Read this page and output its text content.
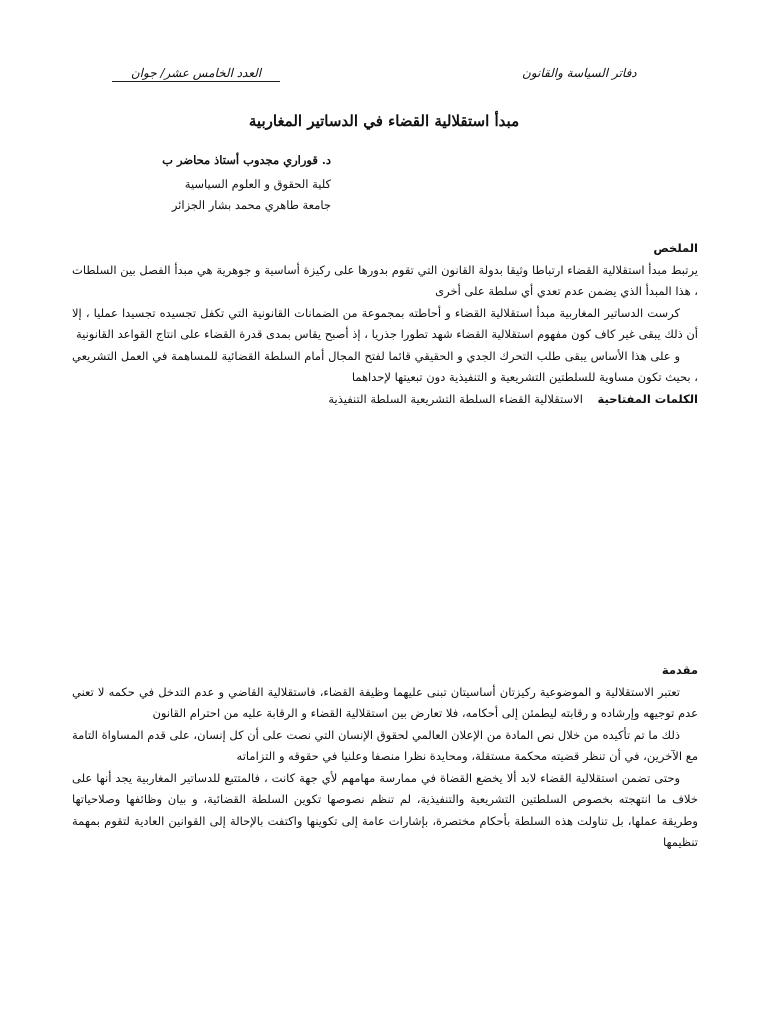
العدد الخامس عشر/ جوان	دفاتر السياسة والقانون
مبدأ استقلالية القضاء في الدساتير المغاربية
د. قوراري مجدوب أستاذ محاضر ب
كلية الحقوق و العلوم السياسية
جامعة طاهري محمد بشار الجزائر
الملخص

يرتبط مبدأ استقلالية القضاء ارتباطا وثيقا بدولة القانون التي تقوم بدورها على ركيزة أساسية و جوهرية هي مبدأ الفصل بين السلطات ، هذا المبدأ الذي يضمن عدم تعدي أي سلطة على أخرى

كرست الدساتير المغاربية مبدأ استقلالية القضاء و أحاطته بمجموعة من الضمانات القانونية التي تكفل تجسيده تجسيدا عمليا ، إلا أن ذلك يبقى غير كاف كون مفهوم استقلالية القضاء شهد تطورا جذريا ، إذ أصبح يقاس بمدى قدرة القضاء على انتاج القواعد القانونية

و على هذا الأساس يبقى طلب التحرك الجدي و الحقيقي قائما لفتح المجال أمام السلطة القضائية للمساهمة في العمل التشريعي ، بحيث تكون مساوية للسلطتين التشريعية و التنفيذية دون تبعيتها لإحداهما

الكلمات المفتاحية    الاستقلالية القضاء السلطة التشريعية السلطة التنفيذية
مقدمة

تعتبر الاستقلالية و الموضوعية ركيزتان أساسيتان تبنى عليهما وظيفة القضاء، فاستقلالية القاضي و عدم التدخل في حكمه لا تعني عدم توجيهه وإرشاده و رقابته ليطمئن إلى أحكامه، فلا تعارض بين استقلالية القضاء و الرقابة عليه من احترام القانون

ذلك ما تم تأكيده من خلال نص المادة من الإعلان العالمي لحقوق الإنسان التي نصت على أن كل إنسان، على قدم المساواة التامة مع الآخرين، في أن تنظر قضيته محكمة مستقلة، ومحايدة نظرا منصفا وعلنيا في حقوقه و التزاماته

وحتى تضمن استقلالية القضاء لابد ألا يخضع القضاة في ممارسة مهامهم لأي جهة كانت ، فالمتتبع للدساتير المغاربية يجد أنها على خلاف ما انتهجته بخصوص السلطتين التشريعية والتنفيذية، لم تنظم نصوصها تكوين السلطة القضائية، و بيان وظائفها وصلاحياتها وطريقة عملها، بل تناولت هذه السلطة بأحكام مختصرة، بإشارات عامة إلى تكوينها واكتفت بالإحالة إلى القوانين العادية لتقوم بمهمة تنظيمها
